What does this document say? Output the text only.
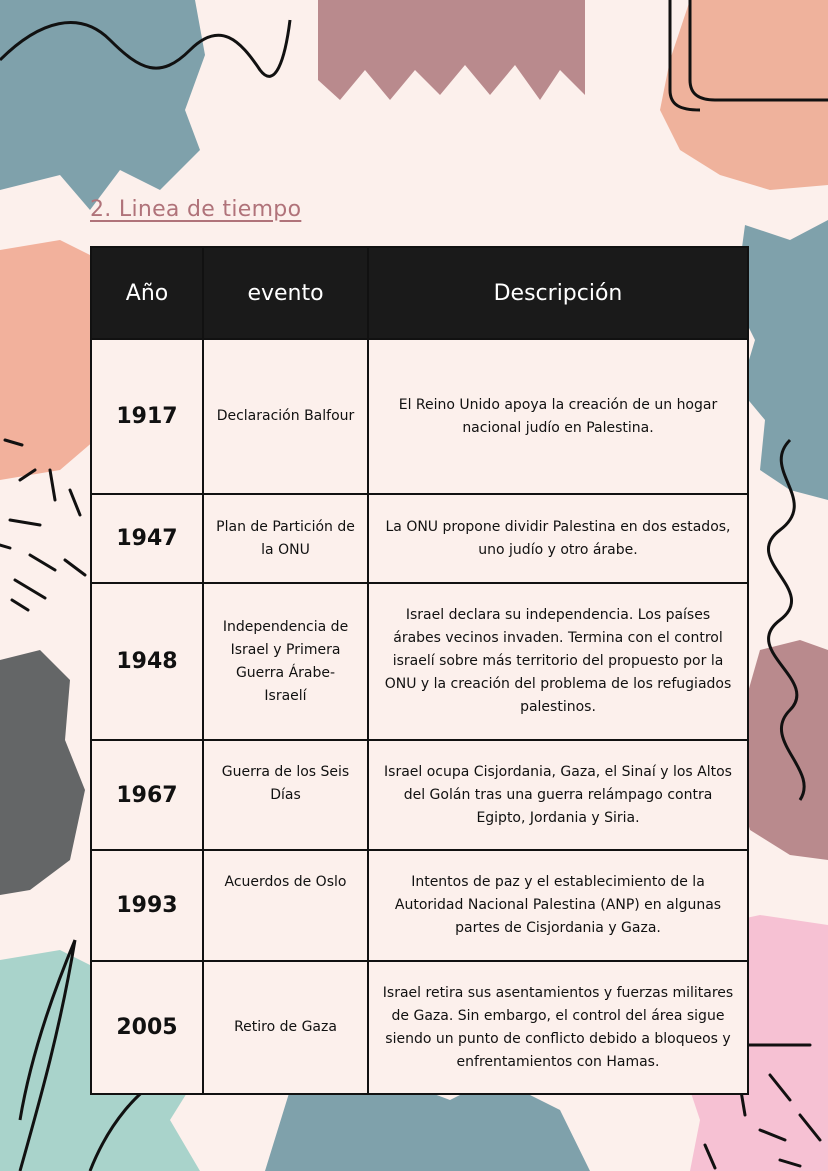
2. Linea de tiempo
Año	evento	Descripción
1917	Declaración Balfour	El Reino Unido apoya la creación de un hogar nacional judío en Palestina.
1947	Plan de Partición de la ONU	La ONU propone dividir Palestina en dos estados, uno judío y otro árabe.
1948	Independencia de Israel y Primera Guerra Árabe-Israelí	Israel declara su independencia. Los países árabes vecinos invaden. Termina con el control israelí sobre más territorio del propuesto por la ONU y la creación del problema de los refugiados palestinos.
1967	Guerra de los Seis Días	Israel ocupa Cisjordania, Gaza, el Sinaí y los Altos del Golán tras una guerra relámpago contra Egipto, Jordania y Siria.
1993	Acuerdos de Oslo	Intentos de paz y el establecimiento de la Autoridad Nacional Palestina (ANP) en algunas partes de Cisjordania y Gaza.
2005	Retiro de Gaza	Israel retira sus asentamientos y fuerzas militares de Gaza. Sin embargo, el control del área sigue siendo un punto de conflicto debido a bloqueos y enfrentamientos con Hamas.
